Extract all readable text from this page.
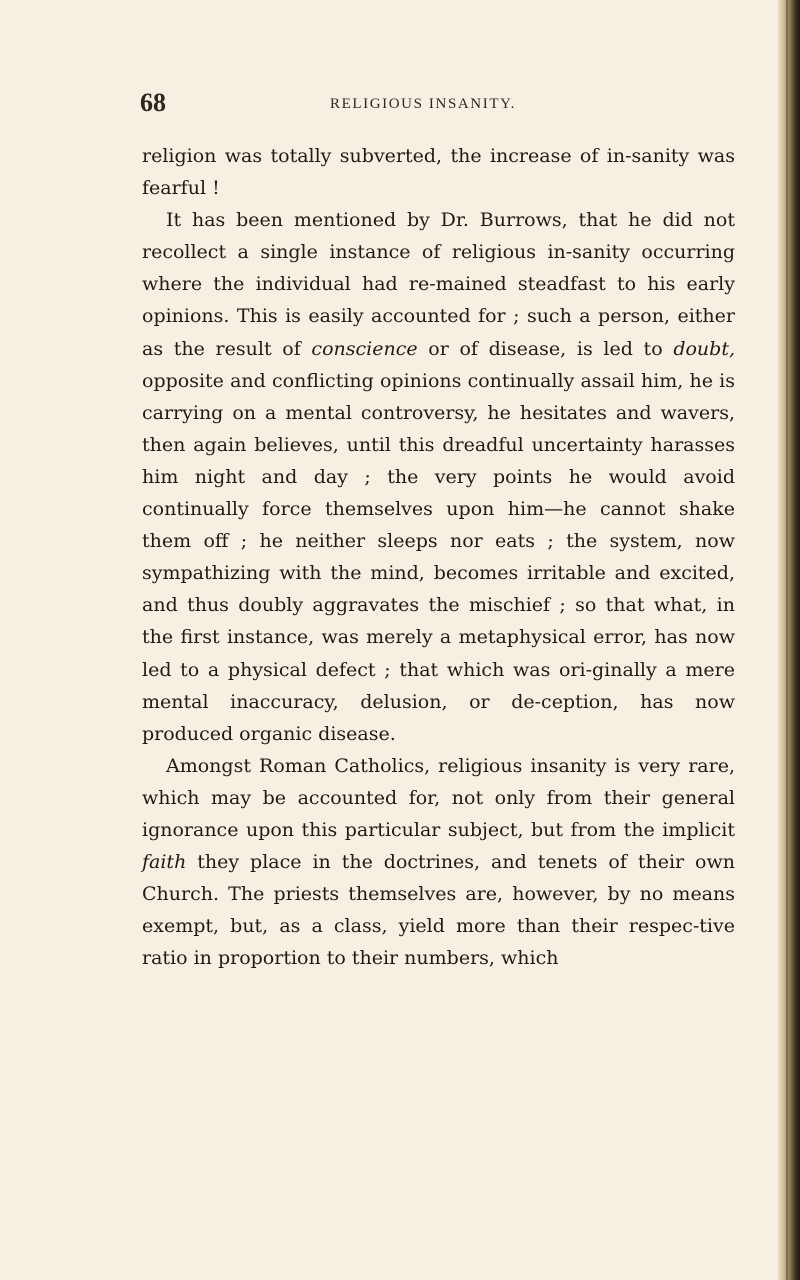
68	RELIGIOUS INSANITY.

religion was totally subverted, the increase of in-sanity was fearful !

It has been mentioned by Dr. Burrows, that he did not recollect a single instance of religious in-sanity occurring where the individual had re-mained steadfast to his early opinions. This is easily accounted for ; such a person, either as the result of conscience or of disease, is led to doubt, opposite and conflicting opinions continually assail him, he is carrying on a mental controversy, he hesitates and wavers, then again believes, until this dreadful uncertainty harasses him night and day ; the very points he would avoid continually force themselves upon him—he cannot shake them off ; he neither sleeps nor eats ; the system, now sympathizing with the mind, becomes irritable and excited, and thus doubly aggravates the mischief ; so that what, in the first instance, was merely a metaphysical error, has now led to a physical defect ; that which was ori-ginally a mere mental inaccuracy, delusion, or de-ception, has now produced organic disease.

Amongst Roman Catholics, religious insanity is very rare, which may be accounted for, not only from their general ignorance upon this particular subject, but from the implicit faith they place in the doctrines, and tenets of their own Church. The priests themselves are, however, by no means exempt, but, as a class, yield more than their respec-tive ratio in proportion to their numbers, which
